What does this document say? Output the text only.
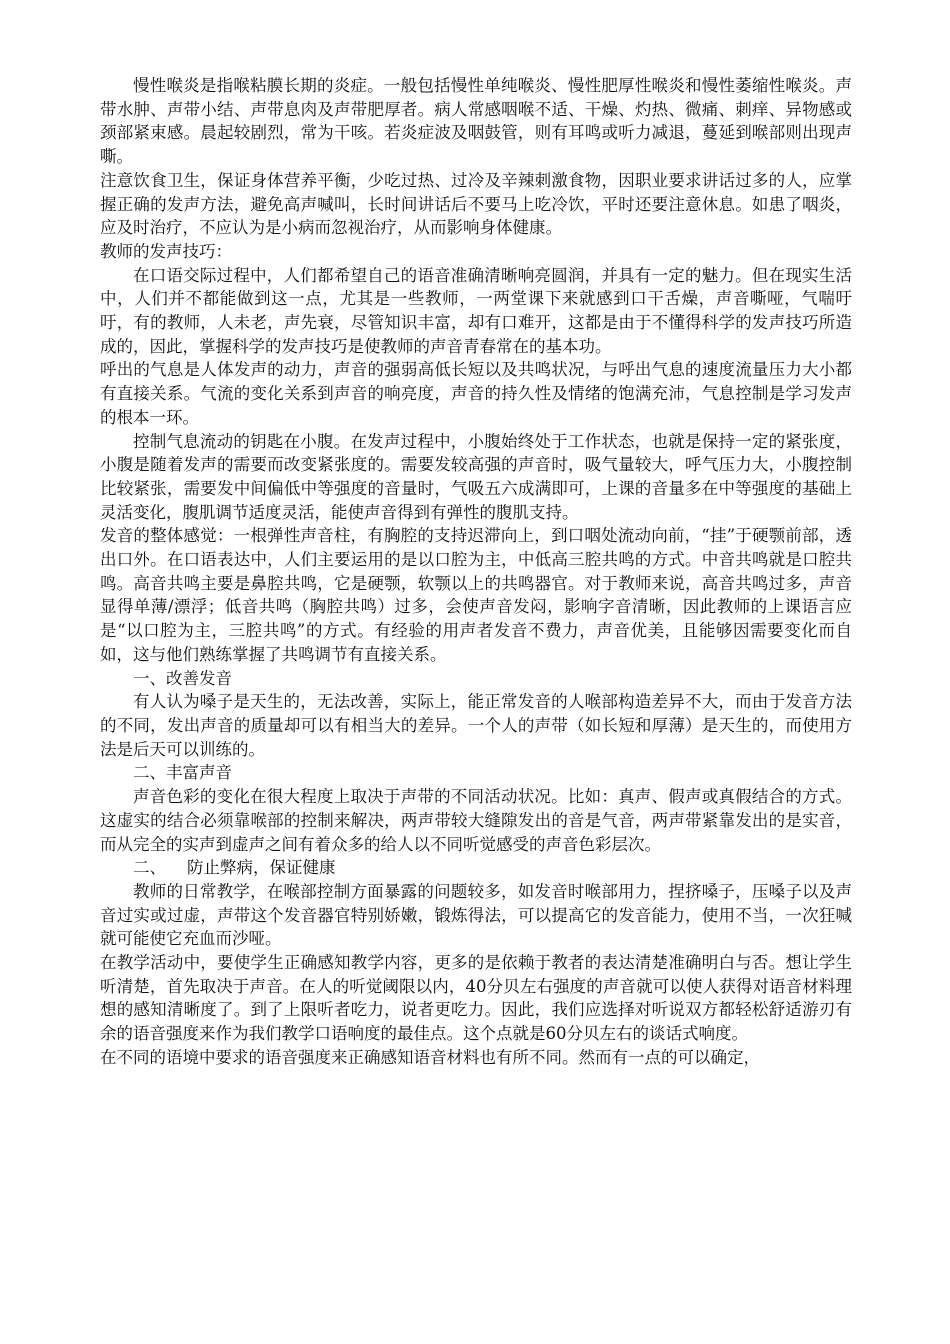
慢性喉炎是指喉粘膜长期的炎症。一般包括慢性单纯喉炎、慢性肥厚性喉炎和慢性萎缩性喉炎。声带水肿、声带小结、声带息肉及声带肥厚者。病人常感咽喉不适、干燥、灼热、微痛、刺痒、异物感或颈部紧束感。晨起较剧烈，常为干咳。若炎症波及咽鼓管，则有耳鸣或听力减退，蔓延到喉部则出现声嘶。

注意饮食卫生，保证身体营养平衡，少吃过热、过冷及辛辣刺激食物，因职业要求讲话过多的人，应掌握正确的发声方法，避免高声喊叫，长时间讲话后不要马上吃冷饮，平时还要注意休息。如患了咽炎，应及时治疗，不应认为是小病而忽视治疗，从而影响身体健康。

教师的发声技巧：

在口语交际过程中，人们都希望自己的语音准确清晰响亮圆润，并具有一定的魅力。但在现实生活中，人们并不都能做到这一点，尤其是一些教师，一两堂课下来就感到口干舌燥，声音嘶哑，气喘吁吁，有的教师，人未老，声先衰，尽管知识丰富，却有口难开，这都是由于不懂得科学的发声技巧所造成的，因此，掌握科学的发声技巧是使教师的声音青春常在的基本功。

呼出的气息是人体发声的动力，声音的强弱高低长短以及共鸣状况，与呼出气息的速度流量压力大小都有直接关系。气流的变化关系到声音的响亮度，声音的持久性及情绪的饱满充沛，气息控制是学习发声的根本一环。

控制气息流动的钥匙在小腹。在发声过程中，小腹始终处于工作状态，也就是保持一定的紧张度，小腹是随着发声的需要而改变紧张度的。需要发较高强的声音时，吸气量较大，呼气压力大，小腹控制比较紧张，需要发中间偏低中等强度的音量时，气吸五六成满即可，上课的音量多在中等强度的基础上灵活变化，腹肌调节适度灵活，能使声音得到有弹性的腹肌支持。

发音的整体感觉：一根弹性声音柱，有胸腔的支持迟滞向上，到口咽处流动向前，“挂”于硬颚前部，透出口外。在口语表达中，人们主要运用的是以口腔为主，中低高三腔共鸣的方式。中音共鸣就是口腔共鸣。高音共鸣主要是鼻腔共鸣，它是硬颚，软颚以上的共鸣器官。对于教师来说，高音共鸣过多，声音显得单薄/漂浮；低音共鸣（胸腔共鸣）过多，会使声音发闷，影响字音清晰，因此教师的上课语言应是“以口腔为主，三腔共鸣”的方式。有经验的用声者发音不费力，声音优美，且能够因需要变化而自如，这与他们熟练掌握了共鸣调节有直接关系。

一、改善发音

有人认为嗓子是天生的，无法改善，实际上，能正常发音的人喉部构造差异不大，而由于发音方法的不同，发出声音的质量却可以有相当大的差异。一个人的声带（如长短和厚薄）是天生的，而使用方法是后天可以训练的。

二、丰富声音

声音色彩的变化在很大程度上取决于声带的不同活动状况。比如：真声、假声或真假结合的方式。这虚实的结合必须靠喉部的控制来解决，两声带较大缝隙发出的音是气音，两声带紧靠发出的是实音，而从完全的实声到虚声之间有着众多的给人以不同听觉感受的声音色彩层次。

二、    防止弊病，保证健康

教师的日常教学，在喉部控制方面暴露的问题较多，如发音时喉部用力，捏挤嗓子，压嗓子以及声音过实或过虚，声带这个发音器官特别娇嫩，锻炼得法，可以提高它的发音能力，使用不当，一次狂喊就可能使它充血而沙哑。

在教学活动中，要使学生正确感知教学内容，更多的是依赖于教者的表达清楚准确明白与否。想让学生听清楚，首先取决于声音。在人的听觉阈限以内，40分贝左右强度的声音就可以使人获得对语音材料理想的感知清晰度了。到了上限听者吃力，说者更吃力。因此，我们应选择对听说双方都轻松舒适游刃有余的语音强度来作为我们教学口语响度的最佳点。这个点就是60分贝左右的谈话式响度。

在不同的语境中要求的语音强度来正确感知语音材料也有所不同。然而有一点的可以确定，
